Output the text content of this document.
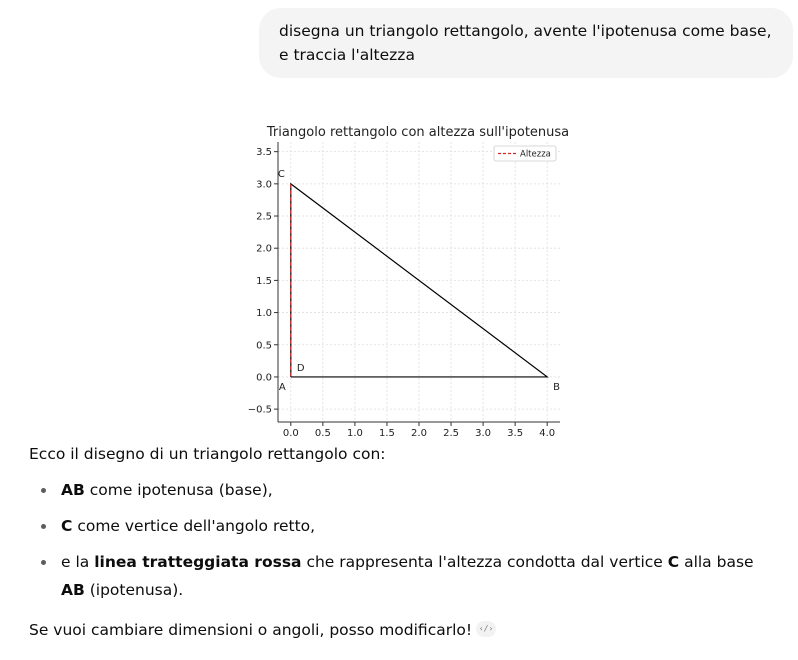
disegna un triangolo rettangolo, avente l'ipotenusa come base, e traccia l'altezza
0.0 0.5 1.0 1.5 2.0 2.5 3.0 3.5 4.0
−0.5
0.0
0.5
1.0
1.5
2.0
2.5
3.0
3.5
A	B
C
D
Triangolo rettangolo con altezza sull'ipotenusa
Altezza

Ecco il disegno di un triangolo rettangolo con:

AB come ipotenusa (base),
C come vertice dell'angolo retto,
e la linea tratteggiata rossa che rappresenta l'altezza condotta dal vertice C alla base AB (ipotenusa).

Se vuoi cambiare dimensioni o angoli, posso modificarlo! ‹/›
